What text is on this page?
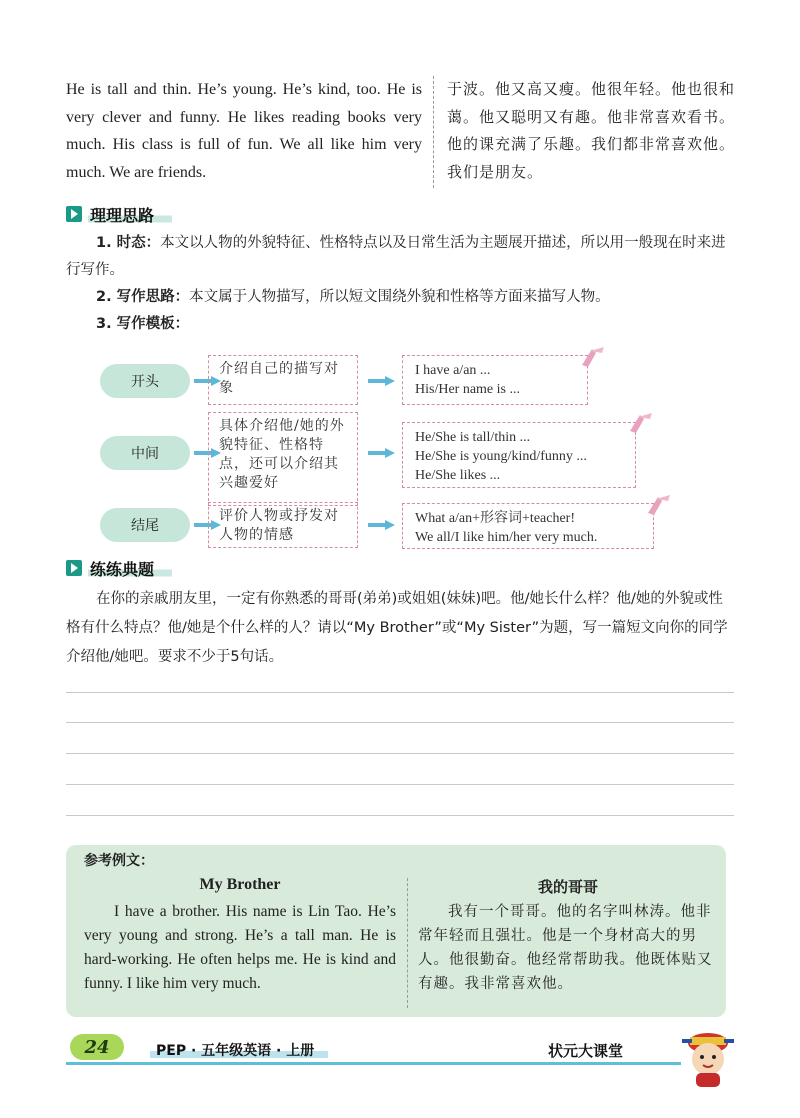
He is tall and thin. He’s young. He’s kind, too. He is very clever and funny. He likes reading books very much. His class is full of fun. We all like him very much. We are friends.
于波。他又高又瘦。他很年轻。他也很和蔼。他又聪明又有趣。他非常喜欢看书。他的课充满了乐趣。我们都非常喜欢他。我们是朋友。
理理思路
1. 时态：本文以人物的外貌特征、性格特点以及日常生活为主题展开描述，所以用一般现在时来进行写作。
2. 写作思路：本文属于人物描写，所以短文围绕外貌和性格等方面来描写人物。
3. 写作模板：
开头
介绍自己的描写对象
I have a/an ...
His/Her name is ...
中间
具体介绍他/她的外貌特征、性格特点，还可以介绍其兴趣爱好
He/She is tall/thin ...
He/She is young/kind/funny ...
He/She likes ...
结尾
评价人物或抒发对人物的情感
What a/an+形容词+teacher!
We all/I like him/her very much.
练练典题
在你的亲戚朋友里，一定有你熟悉的哥哥(弟弟)或姐姐(妹妹)吧。他/她长什么样？他/她的外貌或性格有什么特点？他/她是个什么样的人？请以“My Brother”或“My Sister”为题，写一篇短文向你的同学介绍他/她吧。要求不少于5句话。
参考例文：
My Brother
I have a brother. His name is Lin Tao. He’s very young and strong. He’s a tall man. He is hard-working. He often helps me. He is kind and funny. I like him very much.
我的哥哥
我有一个哥哥。他的名字叫林涛。他非常年轻而且强壮。他是一个身材高大的男人。他很勤奋。他经常帮助我。他既体贴又有趣。我非常喜欢他。
24	PEP · 五年级英语 · 上册	状元大课堂
